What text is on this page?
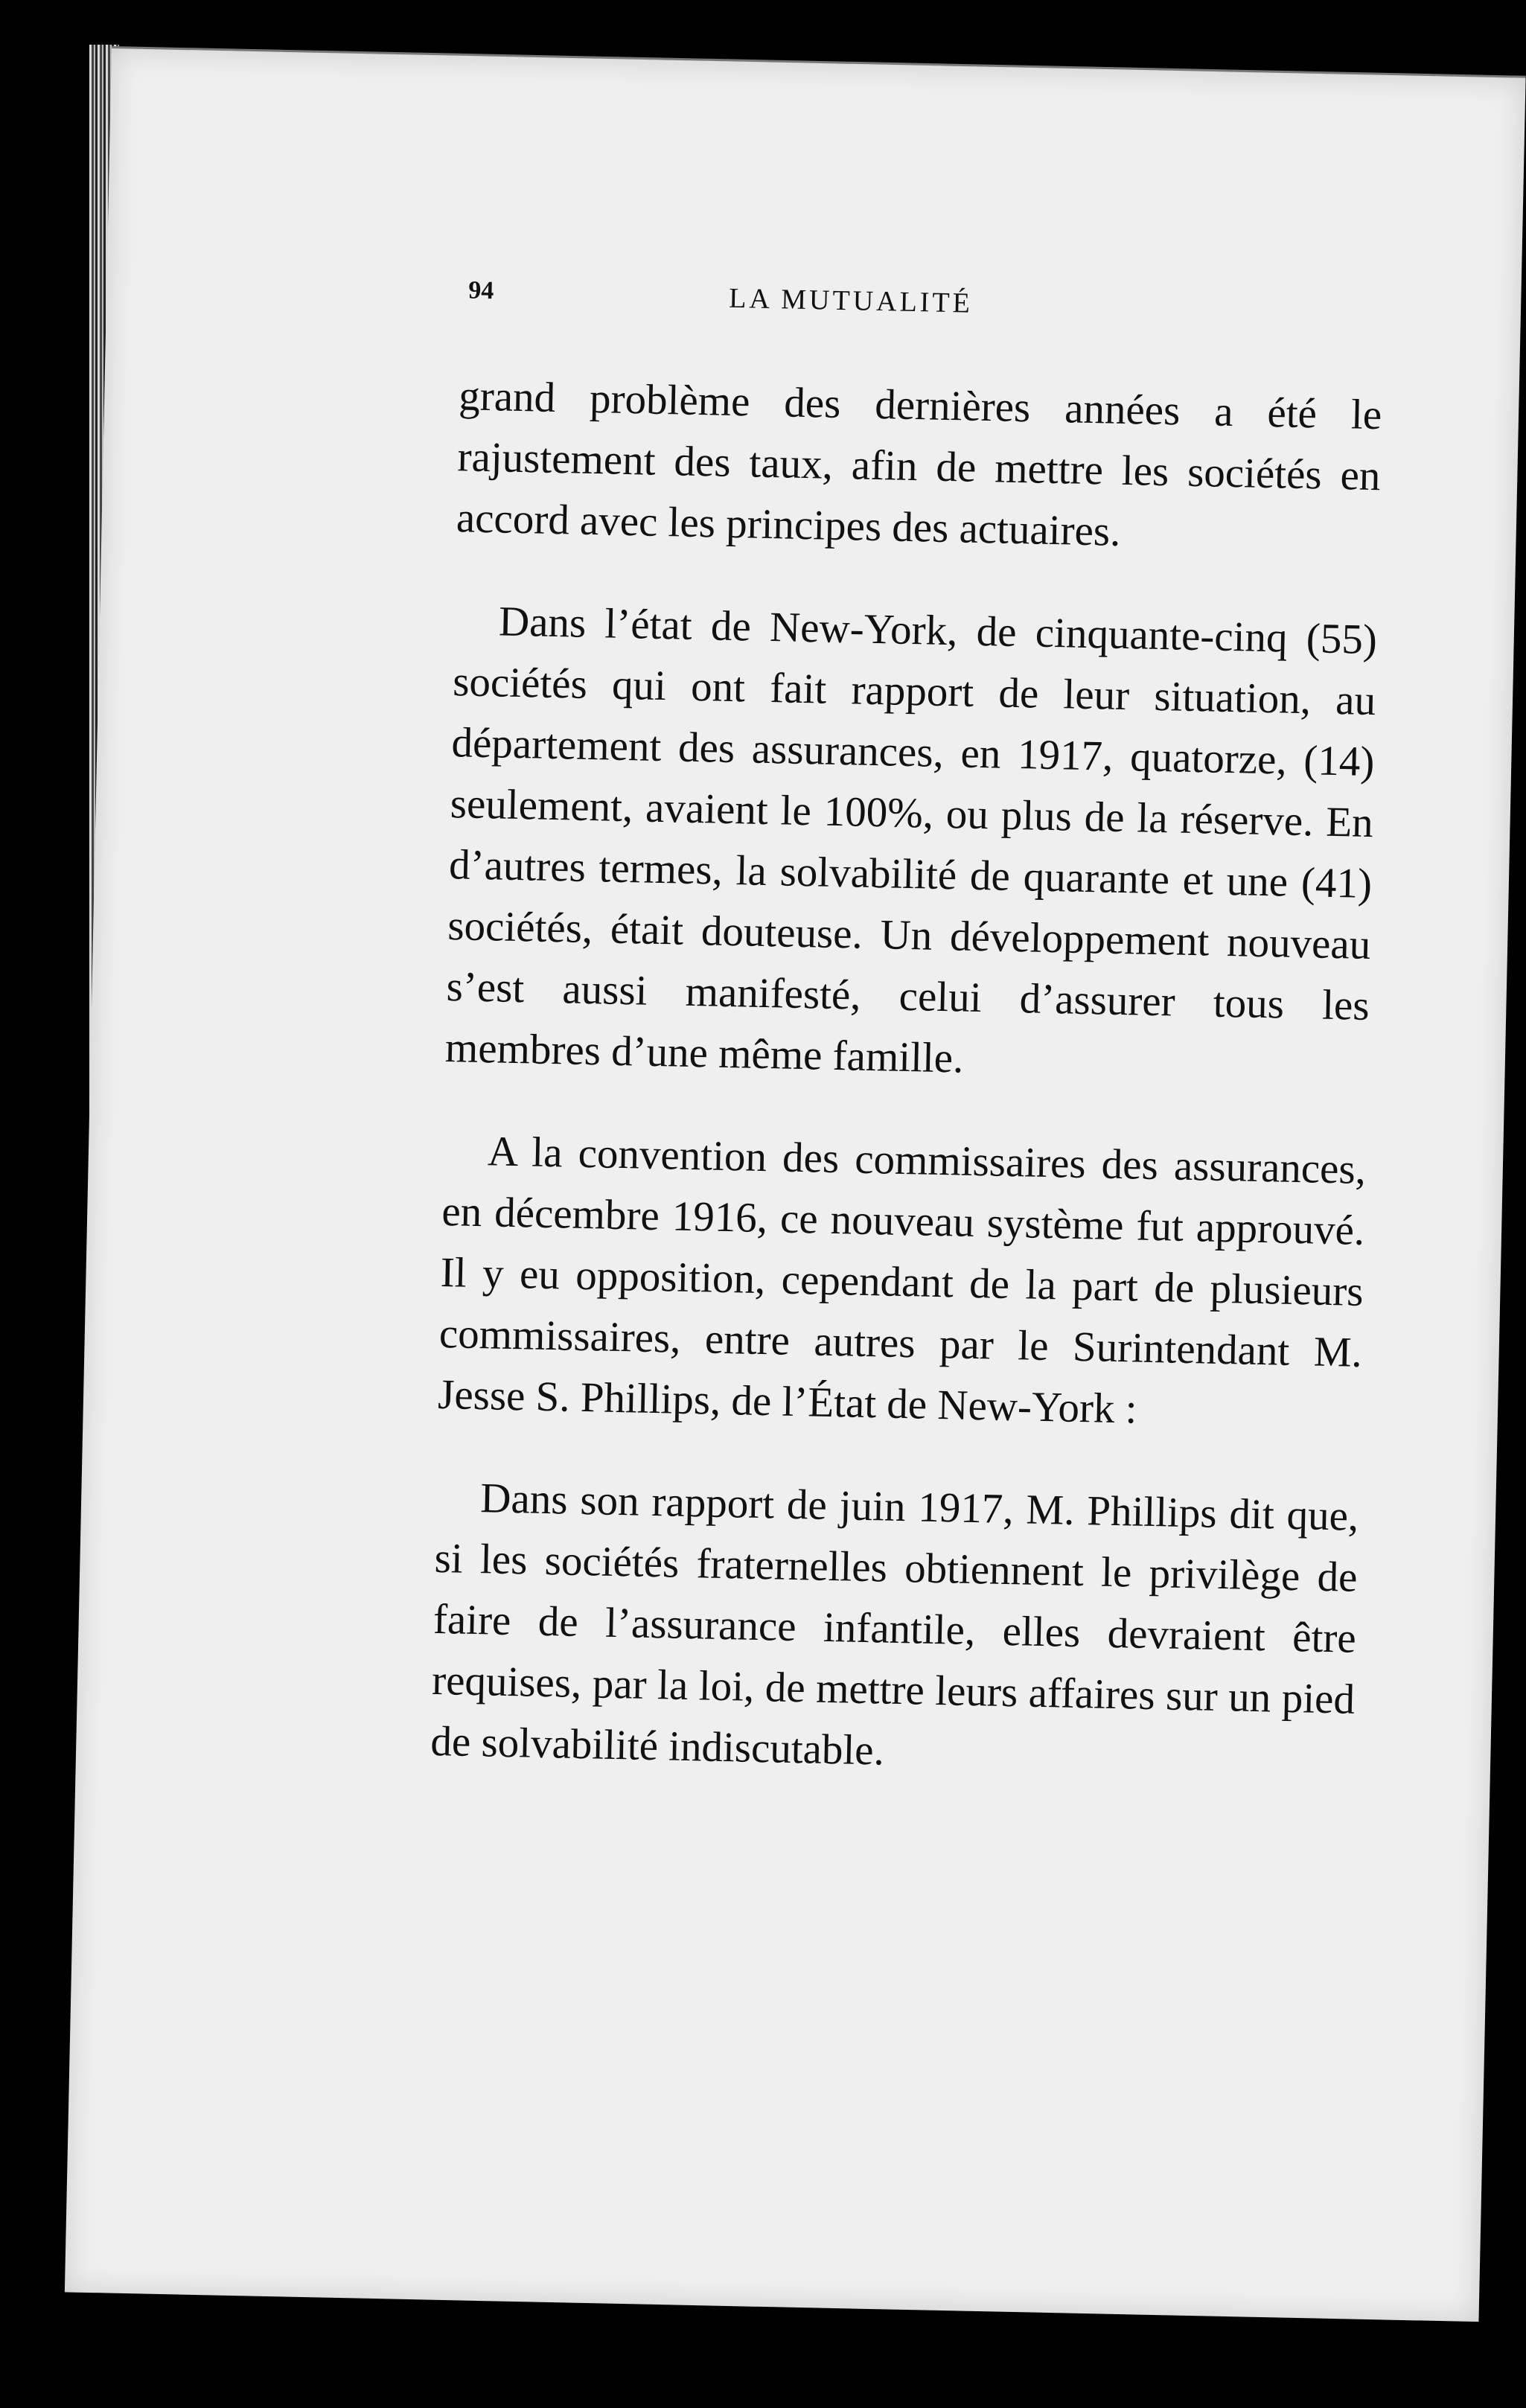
94	LA MUTUALITÉ

grand problème des dernières années a été le rajustement des taux, afin de mettre les sociétés en accord avec les principes des actuaires.

Dans l’état de New-York, de cinquante-cinq (55) sociétés qui ont fait rapport de leur situation, au département des assurances, en 1917, quatorze, (14) seulement, avaient le 100%, ou plus de la réserve. En d’autres termes, la solvabilité de quarante et une (41) sociétés, était douteuse. Un développement nouveau s’est aussi manifesté, celui d’assurer tous les membres d’une même famille.

A la convention des commissaires des assurances, en décembre 1916, ce nouveau système fut approuvé. Il y eu opposition, cependant de la part de plusieurs commissaires, entre autres par le Surintendant M. Jesse S. Phillips, de l’État de New-York :

Dans son rapport de juin 1917, M. Phillips dit que, si les sociétés fraternelles obtiennent le privilège de faire de l’assurance infantile, elles devraient être requises, par la loi, de mettre leurs affaires sur un pied de solvabilité indiscutable.
